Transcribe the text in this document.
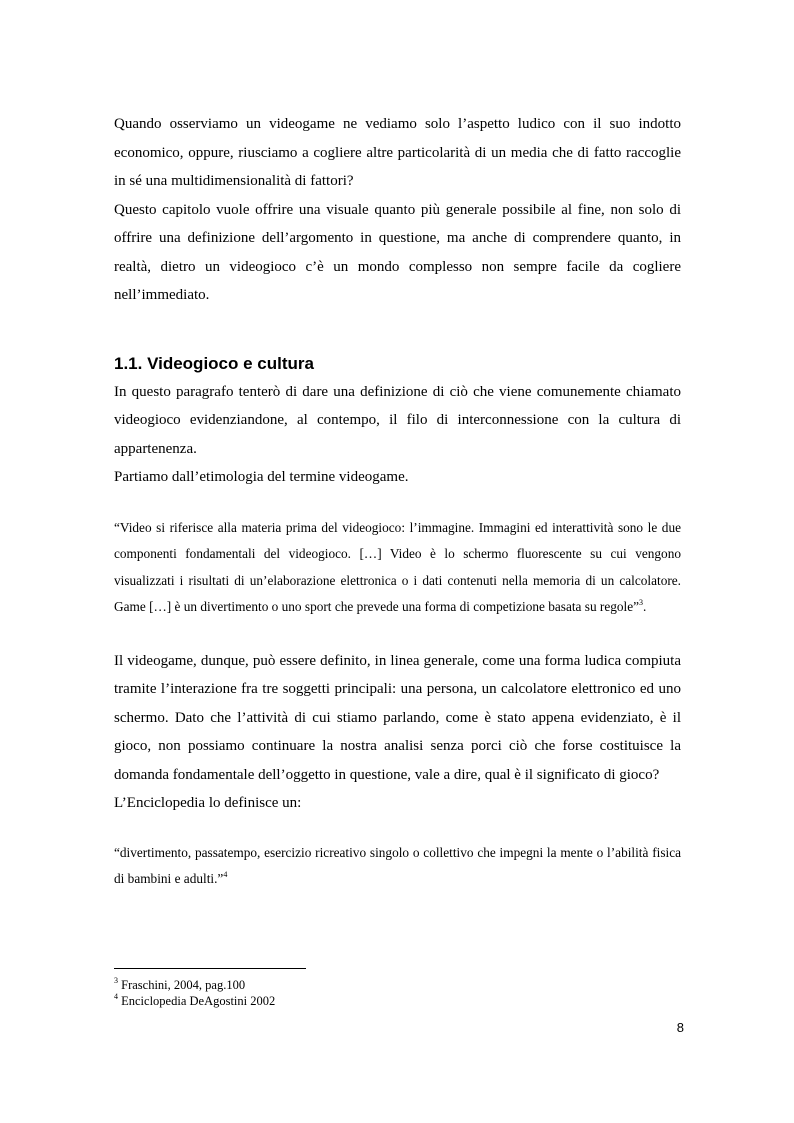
Quando osserviamo un videogame ne vediamo solo l’aspetto ludico con il suo indotto economico, oppure, riusciamo a cogliere altre particolarità di un media che di fatto raccoglie in sé una multidimensionalità di fattori?

Questo capitolo vuole offrire una visuale quanto più generale possibile al fine, non solo di offrire una definizione dell’argomento in questione, ma anche di comprendere quanto, in realtà, dietro un videogioco c’è un mondo complesso non sempre facile da cogliere nell’immediato.

1.1. Videogioco e cultura

In questo paragrafo tenterò di dare una definizione di ciò che viene comunemente chiamato videogioco evidenziandone, al contempo, il filo di interconnessione con la cultura di appartenenza.

Partiamo dall’etimologia del termine videogame.

“Video si riferisce alla materia prima del videogioco: l’immagine. Immagini ed interattività sono le due componenti fondamentali del videogioco. […] Video è lo schermo fluorescente su cui vengono visualizzati i risultati di un’elaborazione elettronica o i dati contenuti nella memoria di un calcolatore. Game […] è un divertimento o uno sport che prevede una forma di competizione basata su regole”$^3$.

Il videogame, dunque, può essere definito, in linea generale, come una forma ludica compiuta tramite l’interazione fra tre soggetti principali: una persona, un calcolatore elettronico ed uno schermo. Dato che l’attività di cui stiamo parlando, come è stato appena evidenziato, è il gioco, non possiamo continuare la nostra analisi senza porci ciò che forse costituisce la domanda fondamentale dell’oggetto in questione, vale a dire, qual è il significato di gioco?

L’Enciclopedia lo definisce un:

“divertimento, passatempo, esercizio ricreativo singolo o collettivo che impegni la mente o l’abilità fisica di bambini e adulti.”$^4$

$^3$ Fraschini, 2004, pag.100
$^4$ Enciclopedia DeAgostini 2002
8
